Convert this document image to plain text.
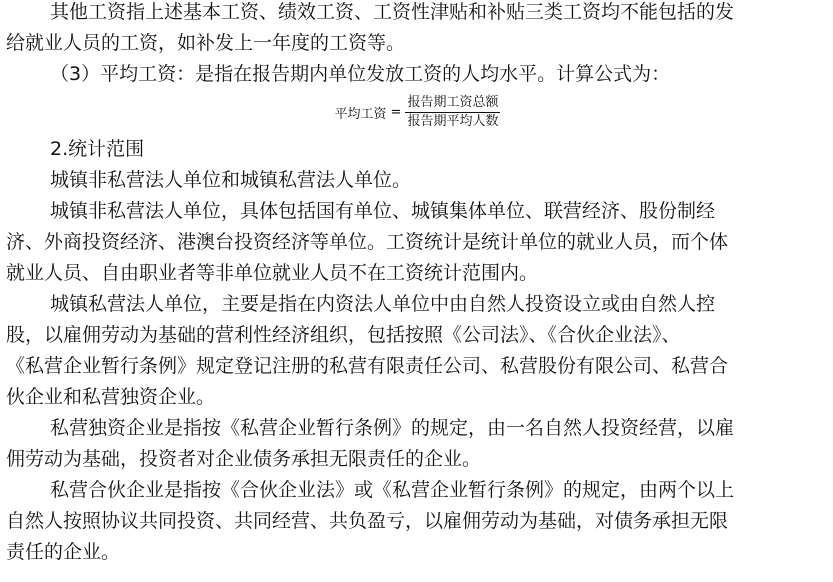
其他工资指上述基本工资、绩效工资、工资性津贴和补贴三类工资均不能包括的发
给就业人员的工资，如补发上一年度的工资等。
（3）平均工资：是指在报告期内单位发放工资的人均水平。计算公式为：
平均工资 = $\frac{\text{报告期工资总额}}{\text{报告期平均人数}}$
2.统计范围
城镇非私营法人单位和城镇私营法人单位。
城镇非私营法人单位，具体包括国有单位、城镇集体单位、联营经济、股份制经
济、外商投资经济、港澳台投资经济等单位。工资统计是统计单位的就业人员，而个体
就业人员、自由职业者等非单位就业人员不在工资统计范围内。
城镇私营法人单位，主要是指在内资法人单位中由自然人投资设立或由自然人控
股，以雇佣劳动为基础的营利性经济组织，包括按照《公司法》、《合伙企业法》、
《私营企业暂行条例》规定登记注册的私营有限责任公司、私营股份有限公司、私营合
伙企业和私营独资企业。
私营独资企业是指按《私营企业暂行条例》的规定，由一名自然人投资经营，以雇
佣劳动为基础，投资者对企业债务承担无限责任的企业。
私营合伙企业是指按《合伙企业法》或《私营企业暂行条例》的规定，由两个以上
自然人按照协议共同投资、共同经营、共负盈亏，以雇佣劳动为基础，对债务承担无限
责任的企业。
